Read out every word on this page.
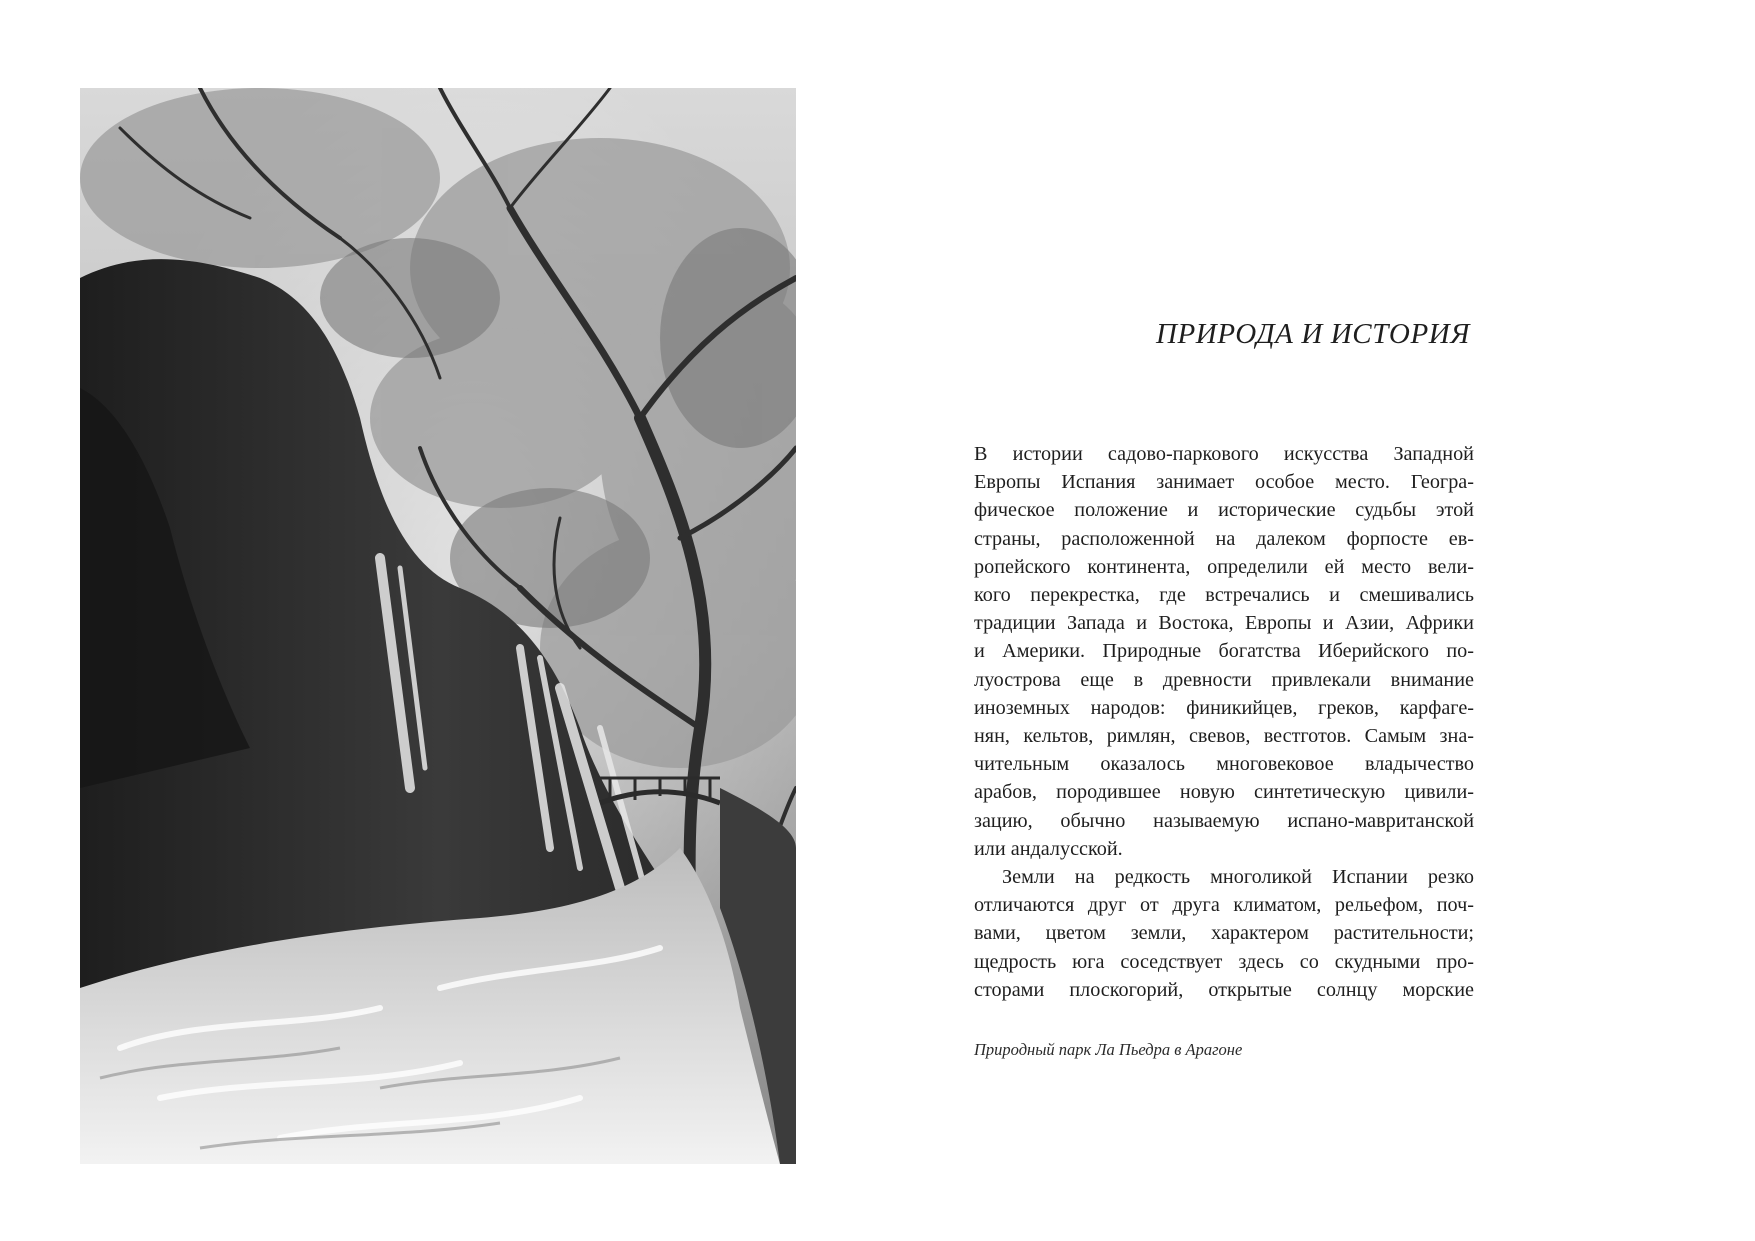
ПРИРОДА И ИСТОРИЯ
В истории садово-паркового искусства Западной
Европы Испания занимает особое место. Геогра-
фическое положение и исторические судьбы этой
страны, расположенной на далеком форпосте ев-
ропейского континента, определили ей место вели-
кого перекрестка, где встречались и смешивались
традиции Запада и Востока, Европы и Азии, Африки
и Америки. Природные богатства Иберийского по-
луострова еще в древности привлекали внимание
иноземных народов: финикийцев, греков, карфаге-
нян, кельтов, римлян, свевов, вестготов. Самым зна-
чительным оказалось многовековое владычество
арабов, породившее новую синтетическую цивили-
зацию, обычно называемую испано-мавританской
или андалусской.
Земли на редкость многоликой Испании резко
отличаются друг от друга климатом, рельефом, поч-
вами, цветом земли, характером растительности;
щедрость юга соседствует здесь со скудными про-
сторами плоскогорий, открытые солнцу морские
Природный парк Ла Пьедра в Арагоне
